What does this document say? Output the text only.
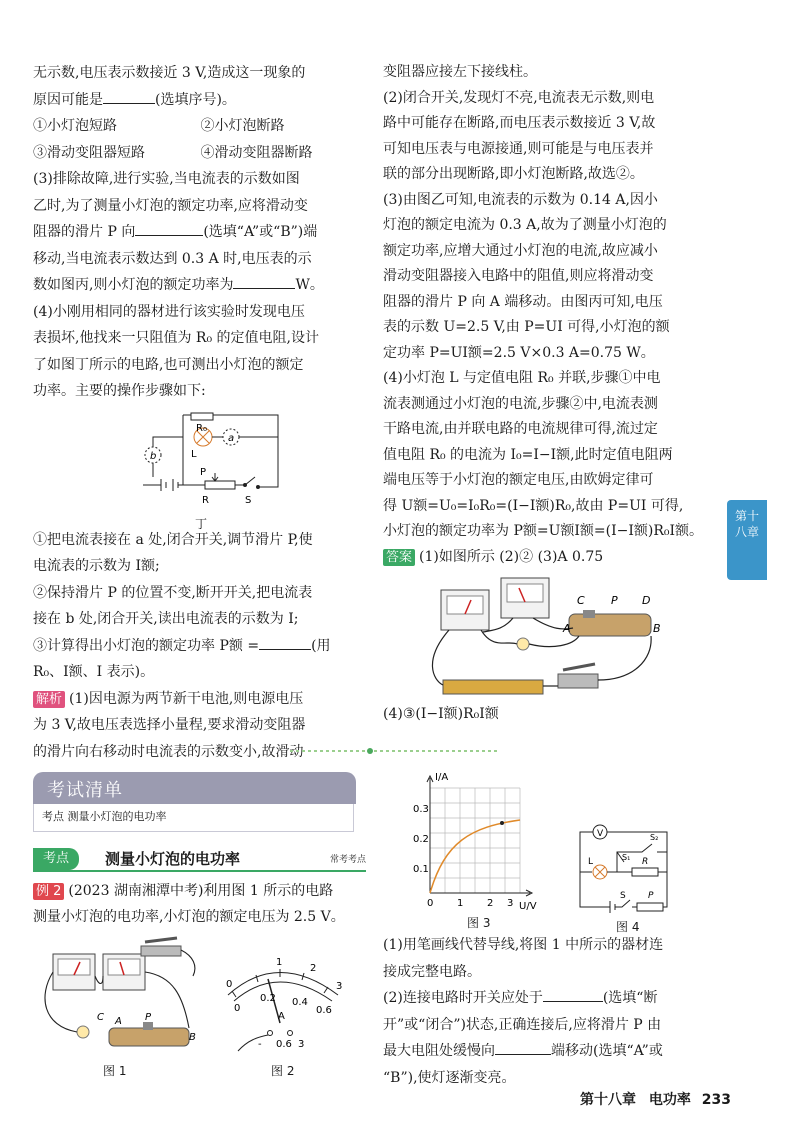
无示数,电压表示数接近 3 V,造成这一现象的

原因可能是	(选填序号)。

①小灯泡短路	②小灯泡断路

③滑动变阻器短路	④滑动变阻器断路

(3)排除故障,进行实验,当电流表的示数如图

乙时,为了测量小灯泡的额定功率,应将滑动变

阻器的滑片 P 向	(选填“A”或“B”)端

移动,当电流表示数达到 0.3 A 时,电压表的示

数如图丙,则小灯泡的额定功率为	W。

(4)小刚用相同的器材进行该实验时发现电压

表损坏,他找来一只阻值为 R₀ 的定值电阻,设计

了如图丁所示的电路,也可测出小灯泡的额定

功率。主要的操作步骤如下:

R₀
L
a
b
P
R	S
丁

①把电流表接在 a 处,闭合开关,调节滑片 P,使

电流表的示数为 I额;

②保持滑片 P 的位置不变,断开开关,把电流表

接在 b 处,闭合开关,读出电流表的示数为 I;

③计算得出小灯泡的额定功率 P额 =	(用

R₀、I额、I 表示)。

解析 (1)因电源为两节新干电池,则电源电压

为 3 V,故电压表选择小量程,要求滑动变阻器

的滑片向右移动时电流表的示数变小,故滑动

变阻器应接左下接线柱。

(2)闭合开关,发现灯不亮,电流表无示数,则电

路中可能存在断路,而电压表示数接近 3 V,故

可知电压表与电源接通,则可能是与电压表并

联的部分出现断路,即小灯泡断路,故选②。

(3)由图乙可知,电流表的示数为 0.14 A,因小

灯泡的额定电流为 0.3 A,故为了测量小灯泡的

额定功率,应增大通过小灯泡的电流,故应减小

滑动变阻器接入电路中的阻值,则应将滑动变

阻器的滑片 P 向 A 端移动。由图丙可知,电压

表的示数 U=2.5 V,由 P=UI 可得,小灯泡的额

定功率 P=UI额=2.5 V×0.3 A=0.75 W。

(4)小灯泡 L 与定值电阻 R₀ 并联,步骤①中电

流表测通过小灯泡的电流,步骤②中,电流表测

干路电流,由并联电路的电流规律可得,流过定

值电阻 R₀ 的电流为 I₀=I−I额,此时定值电阻两

端电压等于小灯泡的额定电压,由欧姆定律可

得 U额=U₀=I₀R₀=(I−I额)R₀,故由 P=UI 可得,

小灯泡的额定功率为 P额=U额I额=(I−I额)R₀I额。

答案 (1)如图所示 (2)② (3)A 0.75

C P D
B
A

(4)③(I−I额)R₀I额

第十
八章
考试清单
考点 测量小灯泡的电功率
考点	测量小灯泡的电功率	常考考点

例 2 (2023 湖南湘潭中考)利用图 1 所示的电路

测量小灯泡的电功率,小灯泡的额定电压为 2.5 V。

A P
B
C
图 1
0
1
2
3
0
0.2 0.4
0.6
A
- 0.6 3
图 2
I/A
U/V
0.3
0.2
0.1
0 1 2 3
图 3
V
L	S₁
S₂
R
S P
图 4

(1)用笔画线代替导线,将图 1 中所示的器材连

接成完整电路。

(2)连接电路时开关应处于	(选填“断

开”或“闭合”)状态,正确连接后,应将滑片 P 由

最大电阻处缓慢向	端移动(选填“A”或

“B”),使灯逐渐变亮。

第十八章 电功率 233
